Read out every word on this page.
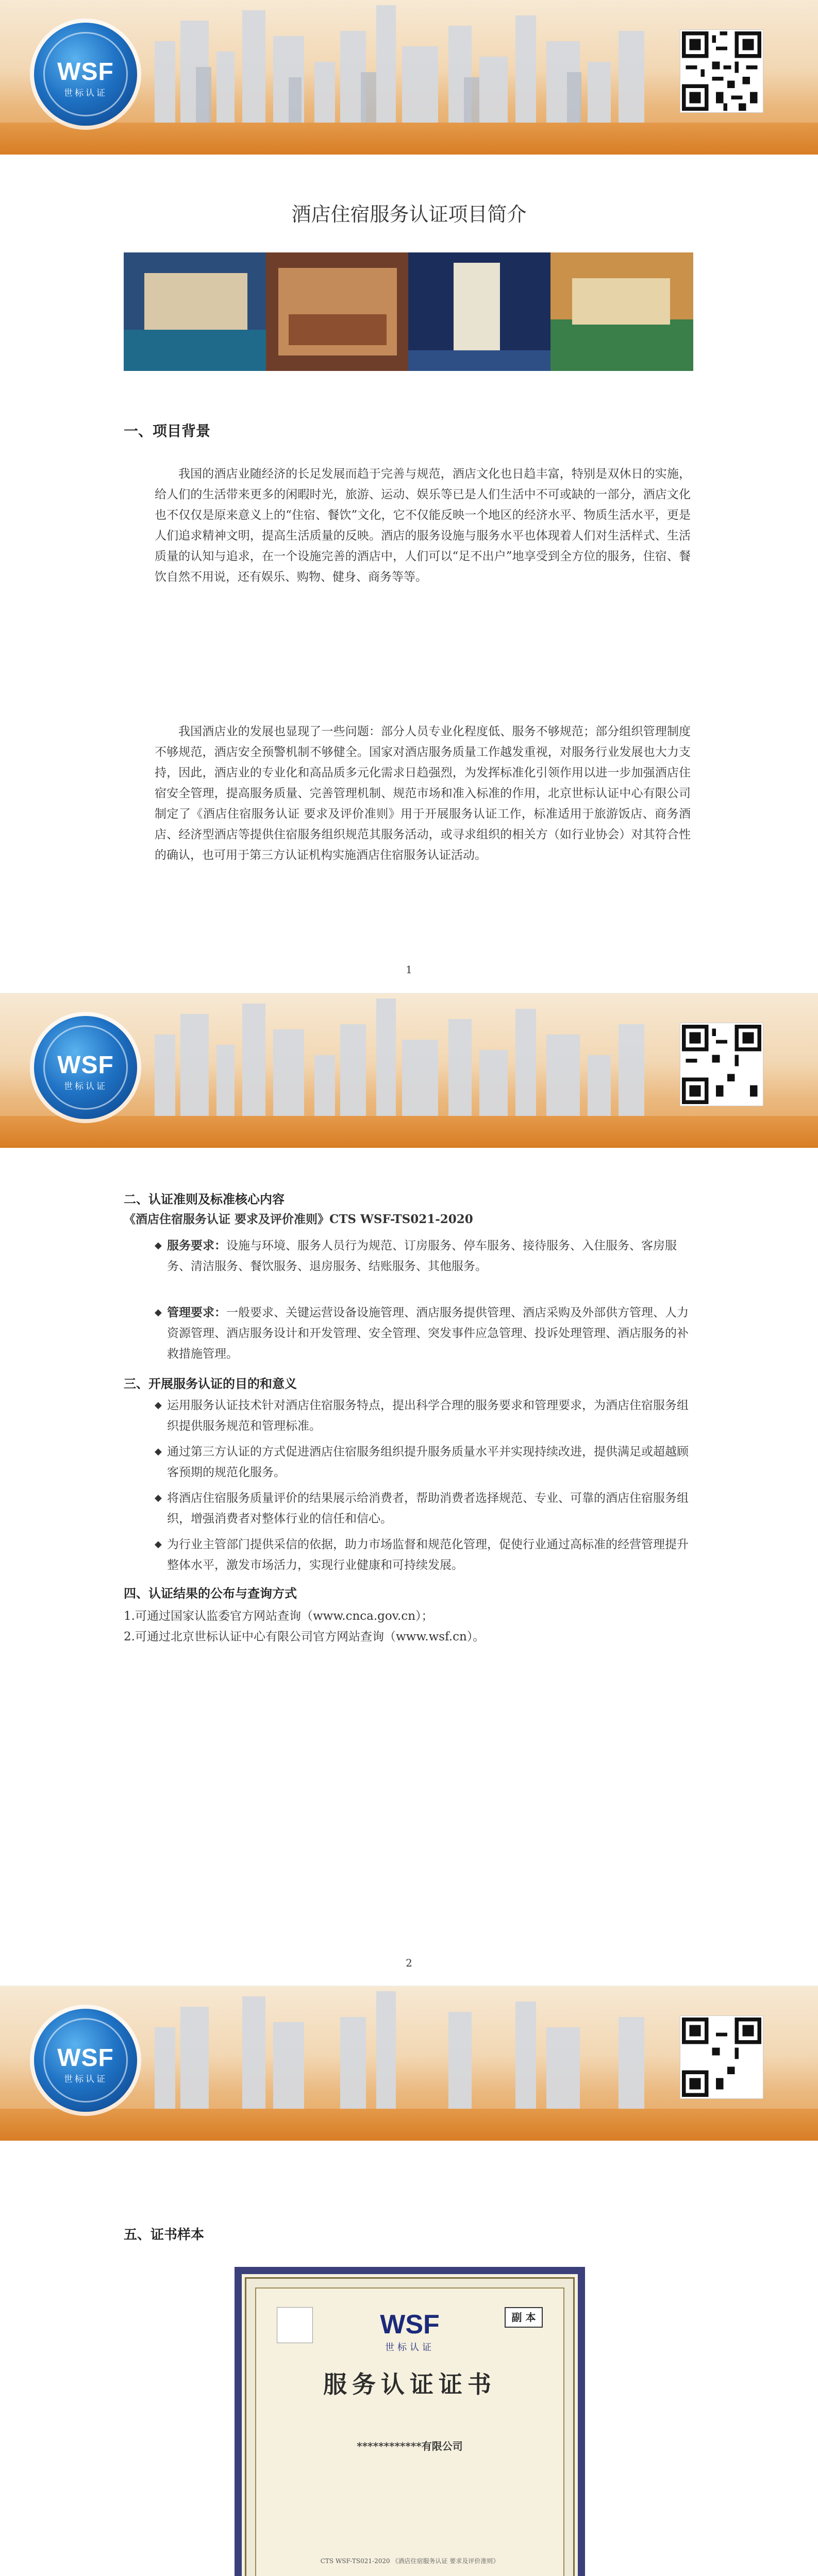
WSF
世标认证
酒店住宿服务认证项目简介
一、项目背景
我国的酒店业随经济的长足发展而趋于完善与规范，酒店文化也日趋丰富，特别是双休日的实施，给人们的生活带来更多的闲暇时光，旅游、运动、娱乐等已是人们生活中不可或缺的一部分，酒店文化也不仅仅是原来意义上的“住宿、餐饮”文化，它不仅能反映一个地区的经济水平、物质生活水平，更是人们追求精神文明，提高生活质量的反映。酒店的服务设施与服务水平也体现着人们对生活样式、生活质量的认知与追求，在一个设施完善的酒店中，人们可以“足不出户”地享受到全方位的服务，住宿、餐饮自然不用说，还有娱乐、购物、健身、商务等等。
我国酒店业的发展也显现了一些问题：部分人员专业化程度低、服务不够规范；部分组织管理制度不够规范，酒店安全预警机制不够健全。国家对酒店服务质量工作越发重视，对服务行业发展也大力支持，因此，酒店业的专业化和高品质多元化需求日趋强烈，为发挥标准化引领作用以进一步加强酒店住宿安全管理，提高服务质量、完善管理机制、规范市场和准入标准的作用，北京世标认证中心有限公司制定了《酒店住宿服务认证 要求及评价准则》用于开展服务认证工作，标准适用于旅游饭店、商务酒店、经济型酒店等提供住宿服务组织规范其服务活动，或寻求组织的相关方（如行业协会）对其符合性的确认，也可用于第三方认证机构实施酒店住宿服务认证活动。
1
WSF
世标认证
二、认证准则及标准核心内容
《酒店住宿服务认证 要求及评价准则》CTS WSF-TS021-2020
◆ 服务要求：设施与环境、服务人员行为规范、订房服务、停车服务、接待服务、入住服务、客房服务、清洁服务、餐饮服务、退房服务、结账服务、其他服务。
◆ 管理要求：一般要求、关键运营设备设施管理、酒店服务提供管理、酒店采购及外部供方管理、人力资源管理、酒店服务设计和开发管理、安全管理、突发事件应急管理、投诉处理管理、酒店服务的补救措施管理。
三、开展服务认证的目的和意义
◆ 运用服务认证技术针对酒店住宿服务特点，提出科学合理的服务要求和管理要求，为酒店住宿服务组织提供服务规范和管理标准。
◆ 通过第三方认证的方式促进酒店住宿服务组织提升服务质量水平并实现持续改进，提供满足或超越顾客预期的规范化服务。
◆ 将酒店住宿服务质量评价的结果展示给消费者，帮助消费者选择规范、专业、可靠的酒店住宿服务组织，增强消费者对整体行业的信任和信心。
◆ 为行业主管部门提供采信的依据，助力市场监督和规范化管理，促使行业通过高标准的经营管理提升整体水平，激发市场活力，实现行业健康和可持续发展。
四、认证结果的公布与查询方式
1.可通过国家认监委官方网站查询（www.cnca.gov.cn）；
2.可通过北京世标认证中心有限公司官方网站查询（www.wsf.cn）。
2
WSF
世标认证
五、证书样本
副 本
WSF
世标认证
服务认证证书
************有限公司
CTS WSF-TS021-2020 《酒店住宿服务认证 要求及评价准则》
